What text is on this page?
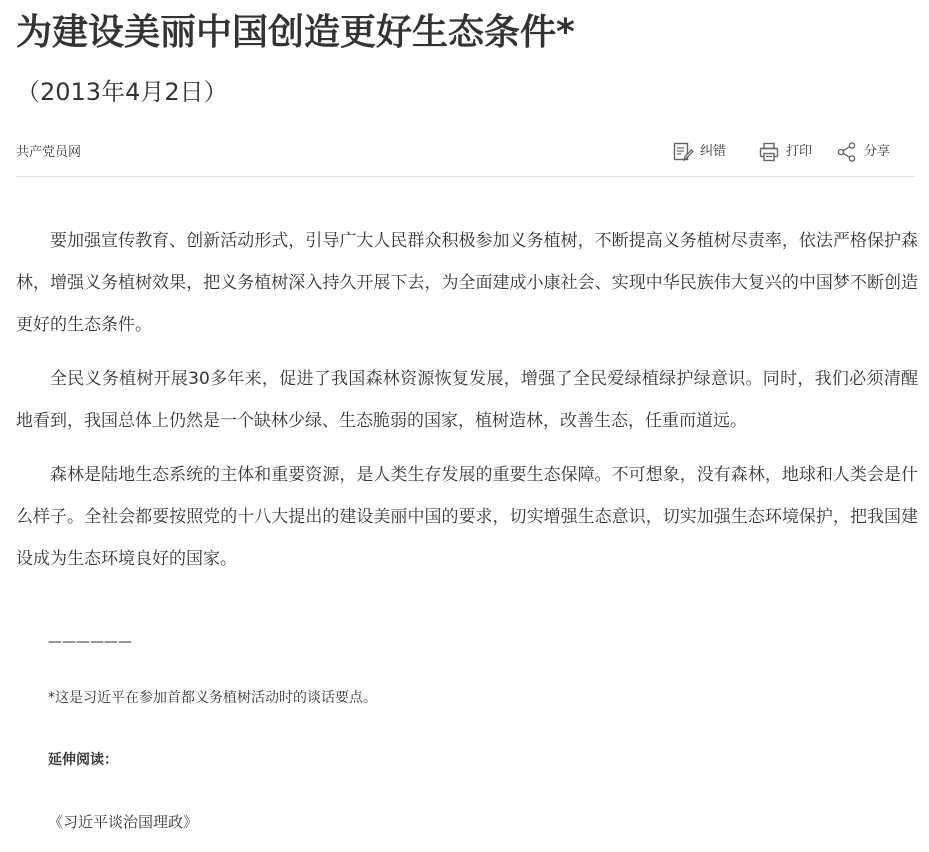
为建设美丽中国创造更好生态条件*
（2013年4月2日）
共产党员网	纠错	打印	分享

要加强宣传教育、创新活动形式，引导广大人民群众积极参加义务植树，不断提高义务植树尽责率，依法严格保护森林，增强义务植树效果，把义务植树深入持久开展下去，为全面建成小康社会、实现中华民族伟大复兴的中国梦不断创造更好的生态条件。

全民义务植树开展30多年来，促进了我国森林资源恢复发展，增强了全民爱绿植绿护绿意识。同时，我们必须清醒地看到，我国总体上仍然是一个缺林少绿、生态脆弱的国家，植树造林，改善生态，任重而道远。

森林是陆地生态系统的主体和重要资源，是人类生存发展的重要生态保障。不可想象，没有森林，地球和人类会是什么样子。全社会都要按照党的十八大提出的建设美丽中国的要求，切实增强生态意识，切实加强生态环境保护，把我国建设成为生态环境良好的国家。

——————
*这是习近平在参加首都义务植树活动时的谈话要点。
延伸阅读：
《习近平谈治国理政》
